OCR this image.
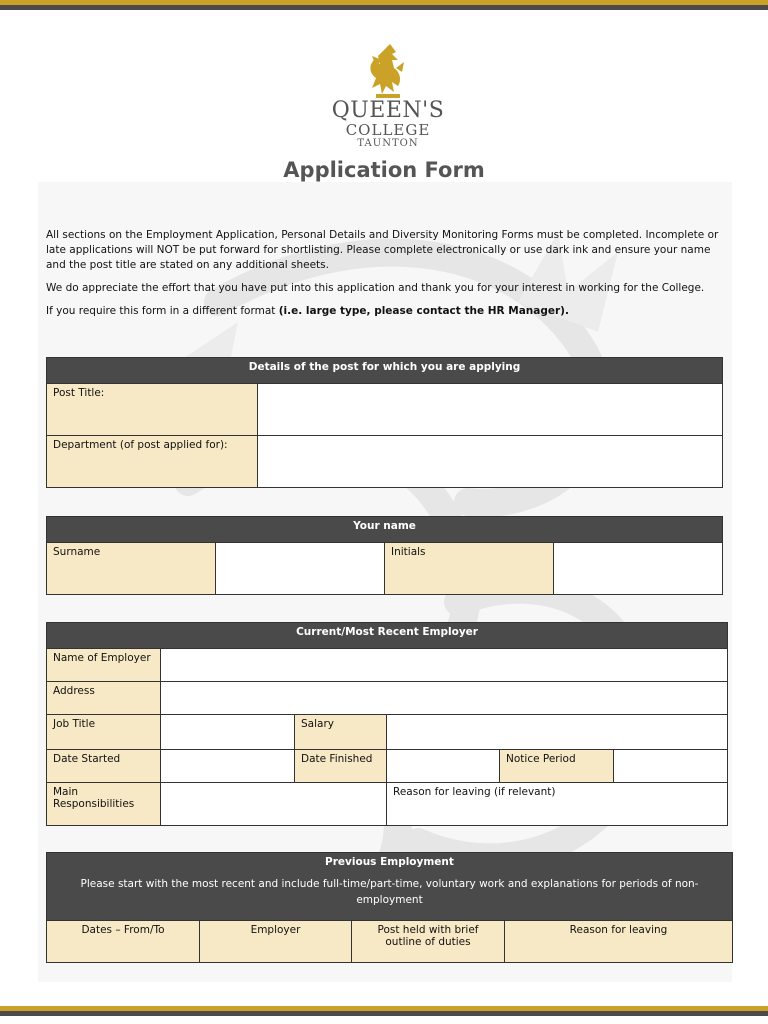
QUEEN'S
COLLEGE
TAUNTON
Application Form

All sections on the Employment Application, Personal Details and Diversity Monitoring Forms must be completed. Incomplete or late applications will NOT be put forward for shortlisting. Please complete electronically or use dark ink and ensure your name and the post title are stated on any additional sheets.

We do appreciate the effort that you have put into this application and thank you for your interest in working for the College.

If you require this form in a different format (i.e. large type, please contact the HR Manager).

Details of the post for which you are applying	
Post Title:	
Department (of post applied for):	
Your name
Surname		Initials	
Current/Most Recent Employer					
Name of Employer					
Address					
Job Title		Salary			
Date Started		Date Finished		Notice Period	
Main Responsibilities			Reason for leaving (if relevant)		
Previous Employment
Please start with the most recent and include full-time/part-time, voluntary work and explanations for periods of non-employment

Dates – From/To	Employer	Post held with brief outline of duties	Reason for leaving
